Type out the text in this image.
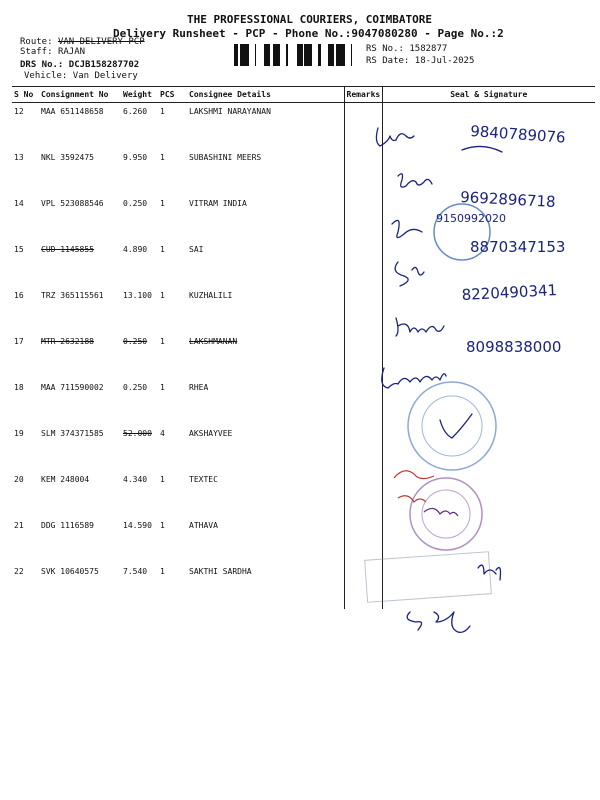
THE PROFESSIONAL COURIERS, COIMBATORE
Delivery Runsheet - PCP - Phone No.:9047080280 - Page No.:2
Route: VAN DELIVERY PCP
Staff: RAJAN
DRS No.: DCJB158287702
Vehicle: Van Delivery
RS No.: 1582877
RS Date: 18-Jul-2025
S No	Consignment No	Weight	PCS	Consignee Details	Remarks	Seal & Signature
12	MAA 651148658	6.260	1	LAKSHMI NARAYANAN		
13	NKL 3592475	9.950	1	SUBASHINI MEERS		
14	VPL 523088546	0.250	1	VITRAM INDIA		
15	CUD 1145855	4.890	1	SAI		
16	TRZ 365115561	13.100	1	KUZHALILI		
17	MTR 2632188	0.250	1	LAKSHMANAN		
18	MAA 711590002	0.250	1	RHEA		
19	SLM 374371585	52.000	4	AKSHAYVEE		
20	KEM 248004	4.340	1	TEXTEC		
21	DDG 1116589	14.590	1	ATHAVA		
22	SVK 10640575	7.540	1	SAKTHI SARDHA		
9840789076
9692896718
9150992020
8870347153
8220490341
8098838000
